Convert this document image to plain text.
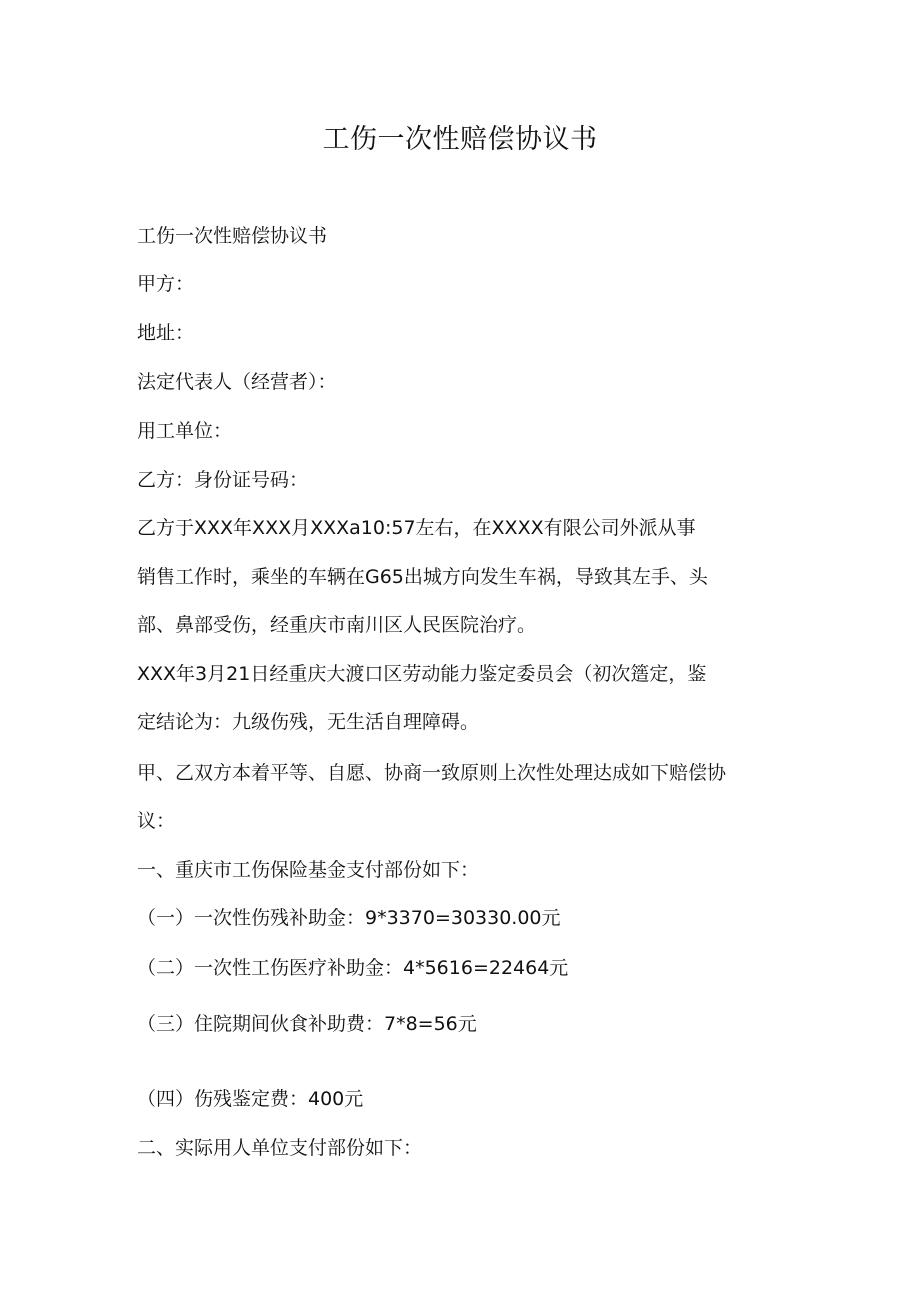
工伤一次性赔偿协议书
工伤一次性赔偿协议书
甲方：
地址：
法定代表人（经营者）：
用工单位：
乙方：身份证号码：
乙方于XXX年XXX月XXXa10:57左右，在XXXX有限公司外派从事
销售工作时，乘坐的车辆在G65出城方向发生车祸，导致其左手、头
部、鼻部受伤，经重庆市南川区人民医院治疗。
XXX年3月21日经重庆大渡口区劳动能力鉴定委员会（初次簉定，鉴
定结论为：九级伤残，无生活自理障碍。
甲、乙双方本着平等、自愿、协商一致原则上次性处理达成如下赔偿协
议：
一、重庆市工伤保险基金支付部份如下：
（一）一次性伤残补助金：9*3370=30330.00元
（二）一次性工伤医疗补助金：4*5616=22464元
（三）住院期间伙食补助费：7*8=56元
（四）伤残鉴定费：400元
二、实际用人单位支付部份如下：
